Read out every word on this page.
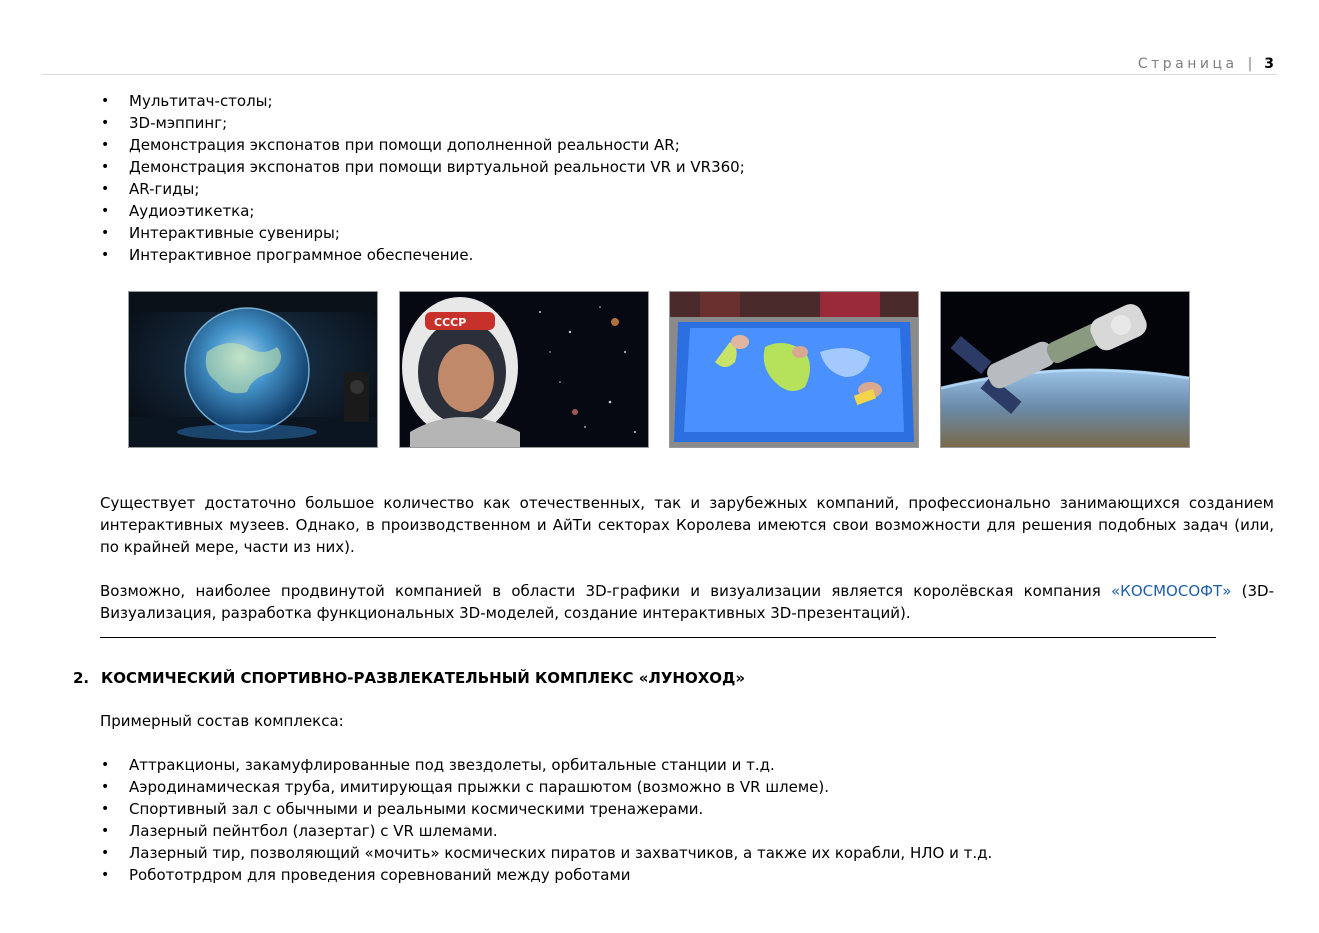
Страница | 3
• Мультитач-столы;
• 3D-мэппинг;
• Демонстрация экспонатов при помощи дополненной реальности AR;
• Демонстрация экспонатов при помощи виртуальной реальности VR и VR360;
• AR-гиды;
• Аудиоэтикетка;
• Интерактивные сувениры;
• Интерактивное программное обеспечение.
CCCP

Существует достаточно большое количество как отечественных, так и зарубежных компаний, профессионально занимающихся созданием интерактивных музеев. Однако, в производственном и АйТи секторах Королева имеются свои возможности для решения подобных задач (или, по крайней мере, части из них).

Возможно, наиболее продвинутой компанией в области 3D-графики и визуализации является королёвская компания «КОСМОСОФТ» (3D-Визуализация, разработка функциональных 3D-моделей, создание интерактивных 3D-презентаций).

2. КОСМИЧЕСКИЙ СПОРТИВНО-РАЗВЛЕКАТЕЛЬНЫЙ КОМПЛЕКС «ЛУНОХОД»
Примерный состав комплекса:
• Аттракционы, закамуфлированные под звездолеты, орбитальные станции и т.д.
• Аэродинамическая труба, имитирующая прыжки с парашютом (возможно в VR шлеме).
• Спортивный зал с обычными и реальными космическими тренажерами.
• Лазерный пейнтбол (лазертаг) с VR шлемами.
• Лазерный тир, позволяющий «мочить» космических пиратов и захватчиков, а также их корабли, НЛО и т.д.
• Робототрдром для проведения соревнований между роботами
